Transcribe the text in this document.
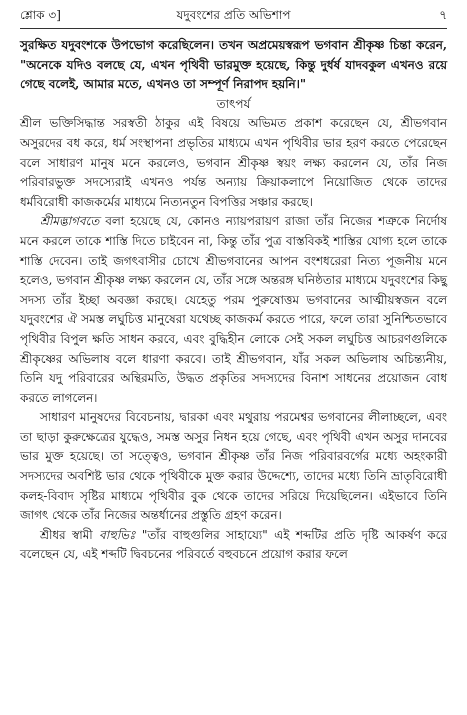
শ্লোক ৩]	যদুবংশের প্রতি অভিশাপ	৭

সুরক্ষিত যদুবংশকে উপভোগ করেছিলেন। তখন অপ্রমেয়স্বরূপ ভগবান শ্রীকৃষ্ণ চিন্তা করেন, "অনেকে যদিও বলছে যে, এখন পৃথিবী ভারমুক্ত হয়েছে, কিন্তু দুর্ধর্ষ যাদবকুল এখনও রয়ে গেছে বলেই, আমার মতে, এখনও তা সম্পূর্ণ নিরাপদ হয়নি।"

তাৎপর্য

শ্রীল ভক্তিসিদ্ধান্ত সরস্বতী ঠাকুর এই বিষয়ে অভিমত প্রকাশ করেছেন যে, শ্রীভগবান অসুরদের বধ করে, ধর্ম সংস্থাপনা প্রভৃতির মাধ্যমে এখন পৃথিবীর ভার হরণ করতে পেরেছেন বলে সাধারণ মানুষ মনে করলেও, ভগবান শ্রীকৃষ্ণ স্বয়ং লক্ষ্য করলেন যে, তাঁর নিজ পরিবারভুক্ত সদস্যেরাই এখনও পর্যন্ত অন্যায় ক্রিয়াকলাপে নিয়োজিত থেকে তাদের ধর্মবিরোধী কাজকর্মের মাধ্যমে নিত্যনতুন বিপত্তির সঞ্চার করছে।

শ্রীমদ্ভাগবতে বলা হয়েছে যে, কোনও ন্যায়পরায়ণ রাজা তাঁর নিজের শত্রুকে নির্দোষ মনে করলে তাকে শাস্তি দিতে চাইবেন না, কিন্তু তাঁর পুত্র বাস্তবিকই শাস্তির যোগ্য হলে তাকে শাস্তি দেবেন। তাই জগৎবাসীর চোখে শ্রীভগবানের আপন বংশধরেরা নিত্য পূজনীয় মনে হলেও, ভগবান শ্রীকৃষ্ণ লক্ষ্য করলেন যে, তাঁর সঙ্গে অন্তরঙ্গ ঘনিষ্ঠতার মাধ্যমে যদুবংশের কিছু সদস্য তাঁর ইচ্ছা অবজ্ঞা করছে। যেহেতু পরম পুরুষোত্তম ভগবানের আত্মীয়স্বজন বলে যদুবংশের ঐ সমস্ত লঘুচিত্ত মানুষেরা যথেচ্ছ কাজকর্ম করতে পারে, ফলে তারা সুনিশ্চিতভাবে পৃথিবীর বিপুল ক্ষতি সাধন করবে, এবং বুদ্ধিহীন লোকে সেই সকল লঘুচিত্ত আচরণগুলিকে শ্রীকৃষ্ণের অভিলাষ বলে ধারণা করবে। তাই শ্রীভগবান, যাঁর সকল অভিলাষ অচিন্ত্যনীয়, তিনি যদু পরিবারের অন্থিরমতি, উদ্ধত প্রকৃতির সদস্যদের বিনাশ সাধনের প্রয়োজন বোধ করতে লাগলেন।

সাধারণ মানুষদের বিবেচনায়, দ্বারকা এবং মথুরায় পরমেশ্বর ভগবানের লীলাচ্ছলে, এবং তা ছাড়া কুরুক্ষেত্রের যুদ্ধেও, সমস্ত অসুর নিধন হয়ে গেছে, এবং পৃথিবী এখন অসুর দানবের ভার মুক্ত হয়েছে। তা সত্ত্বেও, ভগবান শ্রীকৃষ্ণ তাঁর নিজ পরিবারবর্গের মধ্যে অহংকারী সদস্যদের অবশিষ্ট ভার থেকে পৃথিবীকে মুক্ত করার উদ্দেশ্যে, তাদের মধ্যে তিনি ভ্রাতৃবিরোধী কলহ-বিবাদ সৃষ্টির মাধ্যমে পৃথিবীর বুক থেকে তাদের সরিয়ে দিয়েছিলেন। এইভাবে তিনি জাগৎ থেকে তাঁর নিজের অন্তর্ধানের প্রস্তুতি গ্রহণ করেন।

শ্রীধর স্বামী বাহুভিঃ "তাঁর বাহুগুলির সাহায্যে" এই শব্দটির প্রতি দৃষ্টি আকর্ষণ করে বলেছেন যে, এই শব্দটি দ্বিবচনের পরিবর্তে বহুবচনে প্রয়োগ করার ফলে
